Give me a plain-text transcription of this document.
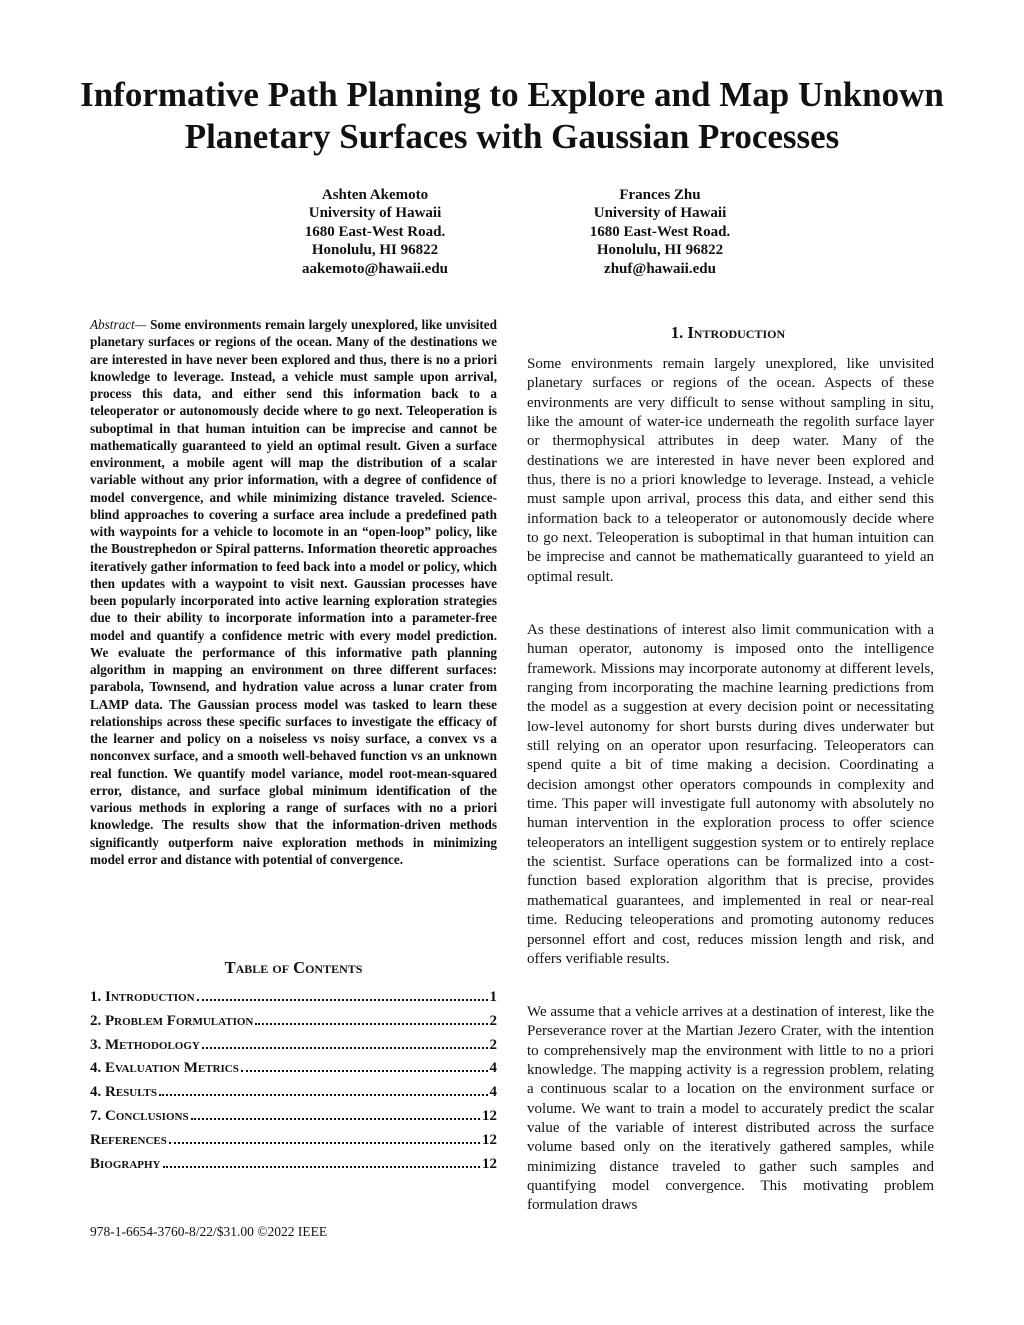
Informative Path Planning to Explore and Map Unknown Planetary Surfaces with Gaussian Processes
Ashten Akemoto
University of Hawaii
1680 East-West Road.
Honolulu, HI 96822
aakemoto@hawaii.edu
Frances Zhu
University of Hawaii
1680 East-West Road.
Honolulu, HI 96822
zhuf@hawaii.edu

Abstract— Some environments remain largely unexplored, like unvisited planetary surfaces or regions of the ocean. Many of the destinations we are interested in have never been explored and thus, there is no a priori knowledge to leverage. Instead, a vehicle must sample upon arrival, process this data, and either send this information back to a teleoperator or autonomously decide where to go next. Teleoperation is suboptimal in that human intuition can be imprecise and cannot be mathematically guaranteed to yield an optimal result. Given a surface environment, a mobile agent will map the distribution of a scalar variable without any prior information, with a degree of confidence of model convergence, and while minimizing distance traveled. Science-blind approaches to covering a surface area include a predefined path with waypoints for a vehicle to locomote in an “open-loop” policy, like the Boustrephedon or Spiral patterns. Information theoretic approaches iteratively gather information to feed back into a model or policy, which then updates with a waypoint to visit next. Gaussian processes have been popularly incorporated into active learning exploration strategies due to their ability to incorporate information into a parameter-free model and quantify a confidence metric with every model prediction. We evaluate the performance of this informative path planning algorithm in mapping an environment on three different surfaces: parabola, Townsend, and hydration value across a lunar crater from LAMP data. The Gaussian process model was tasked to learn these relationships across these specific surfaces to investigate the efficacy of the learner and policy on a noiseless vs noisy surface, a convex vs a nonconvex surface, and a smooth well-behaved function vs an unknown real function. We quantify model variance, model root-mean-squared error, distance, and surface global minimum identification of the various methods in exploring a range of surfaces with no a priori knowledge. The results show that the information-driven methods significantly outperform naive exploration methods in minimizing model error and distance with potential of convergence.

Table of Contents
1. Introduction	1
2. Problem Formulation	2
3. Methodology	2
4. Evaluation Metrics	4
4. Results	4
7. Conclusions	12
References	12
Biography	12
978-1-6654-3760-8/22/$31.00 ©2022 IEEE
1. Introduction

Some environments remain largely unexplored, like unvisited planetary surfaces or regions of the ocean. Aspects of these environments are very difficult to sense without sampling in situ, like the amount of water-ice underneath the regolith surface layer or thermophysical attributes in deep water. Many of the destinations we are interested in have never been explored and thus, there is no a priori knowledge to leverage. Instead, a vehicle must sample upon arrival, process this data, and either send this information back to a teleoperator or autonomously decide where to go next. Teleoperation is suboptimal in that human intuition can be imprecise and cannot be mathematically guaranteed to yield an optimal result.

As these destinations of interest also limit communication with a human operator, autonomy is imposed onto the intelligence framework. Missions may incorporate autonomy at different levels, ranging from incorporating the machine learning predictions from the model as a suggestion at every decision point or necessitating low-level autonomy for short bursts during dives underwater but still relying on an operator upon resurfacing. Teleoperators can spend quite a bit of time making a decision. Coordinating a decision amongst other operators compounds in complexity and time. This paper will investigate full autonomy with absolutely no human intervention in the exploration process to offer science teleoperators an intelligent suggestion system or to entirely replace the scientist. Surface operations can be formalized into a cost-function based exploration algorithm that is precise, provides mathematical guarantees, and implemented in real or near-real time. Reducing teleoperations and promoting autonomy reduces personnel effort and cost, reduces mission length and risk, and offers verifiable results.

We assume that a vehicle arrives at a destination of interest, like the Perseverance rover at the Martian Jezero Crater, with the intention to comprehensively map the environment with little to no a priori knowledge. The mapping activity is a regression problem, relating a continuous scalar to a location on the environment surface or volume. We want to train a model to accurately predict the scalar value of the variable of interest distributed across the surface volume based only on the iteratively gathered samples, while minimizing distance traveled to gather such samples and quantifying model convergence. This motivating problem formulation draws
